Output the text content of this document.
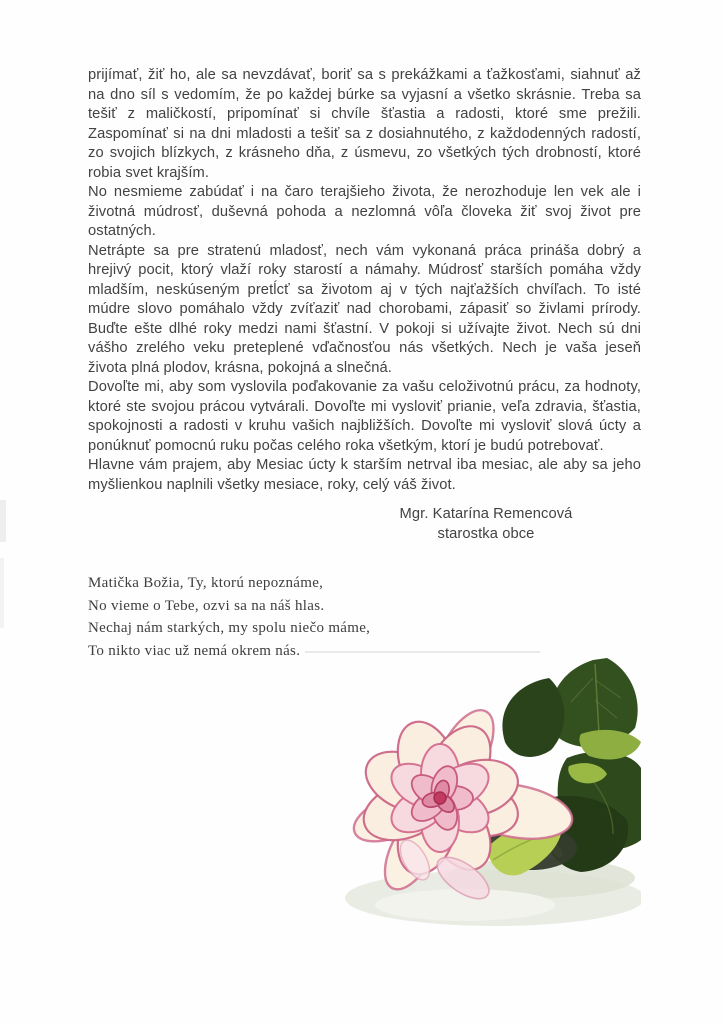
prijímať, žiť ho, ale sa nevzdávať, boriť sa s prekážkami a ťažkosťami, siahnuť až na dno síl s vedomím, že po každej búrke sa vyjasní a všetko skrásnie. Treba sa tešiť z maličkostí, pripomínať si chvíle šťastia a radosti, ktoré sme prežili. Zaspomínať si na dni mladosti a tešiť sa z dosiahnutého, z každodenných radostí, zo svojich blízkych, z krásneho dňa, z úsmevu, zo všetkých tých drobností, ktoré robia svet krajším.

No nesmieme zabúdať i na čaro terajšieho života, že nerozhoduje len vek ale i životná múdrosť, duševná pohoda a nezlomná vôľa človeka žiť svoj život pre ostatných.

Netrápte sa pre stratenú mladosť, nech vám vykonaná práca prináša dobrý a hrejivý pocit, ktorý vlaží roky starostí a námahy. Múdrosť starších pomáha vždy mladším, neskúseným pretĺcť sa životom aj v tých najťažších chvíľach. To isté múdre slovo pomáhalo vždy zvíťaziť nad chorobami, zápasiť so živlami prírody. Buďte ešte dlhé roky medzi nami šťastní. V pokoji si užívajte život. Nech sú dni vášho zrelého veku preteplené vďačnosťou nás všetkých. Nech je vaša jeseň života plná plodov, krásna, pokojná a slnečná.

Dovoľte mi, aby som vyslovila poďakovanie za vašu celoživotnú prácu, za hodnoty, ktoré ste svojou prácou vytvárali. Dovoľte mi vysloviť prianie, veľa zdravia, šťastia, spokojnosti a radosti v kruhu vašich najbližších. Dovoľte mi vysloviť slová úcty a ponúknuť pomocnú ruku počas celého roka všetkým, ktorí je budú potrebovať.

Hlavne vám prajem, aby Mesiac úcty k starším netrval iba mesiac, ale aby sa jeho myšlienkou naplnili všetky mesiace, roky, celý váš život.

Mgr. Katarína Remencová
starostka obce
Matička Božia, Ty, ktorú nepoznáme,
No vieme o Tebe, ozvi sa na náš hlas.
Nechaj nám starkých, my spolu niečo máme,
To nikto viac už nemá okrem nás.
